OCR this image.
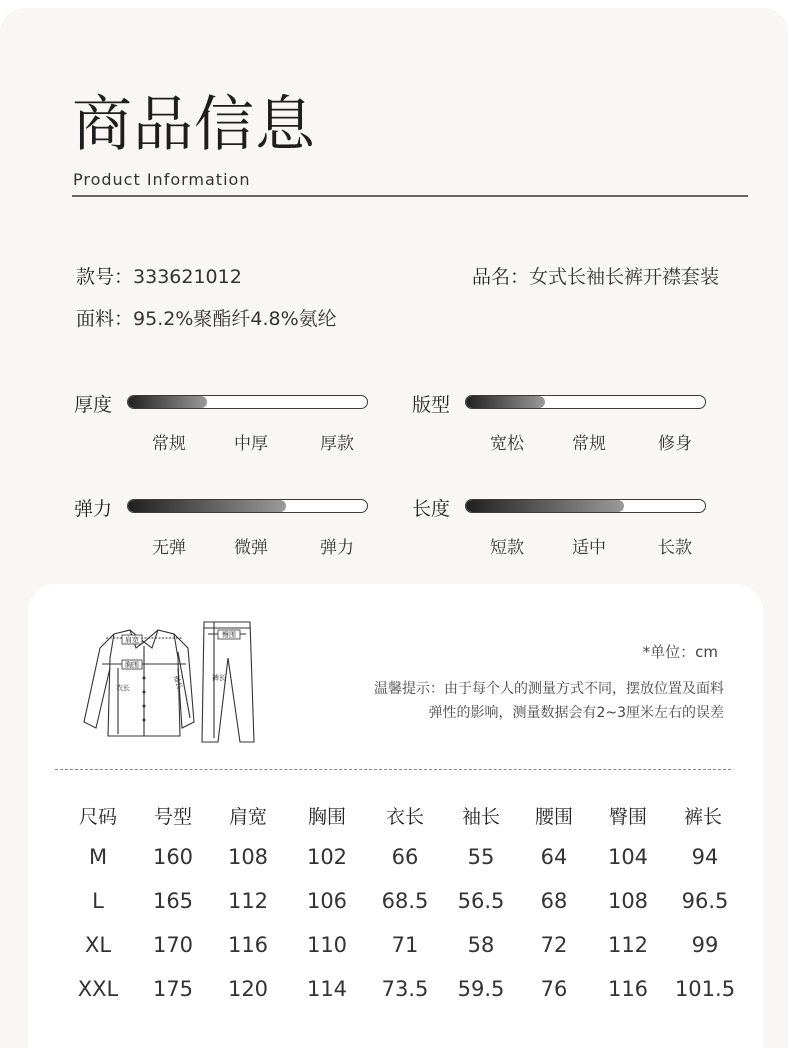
商品信息
Product Information
款号：333621012	品名：女式长袖长裤开襟套装
面料：95.2%聚酯纤4.8%氨纶
厚度
常规	中厚	厚款
版型
宽松	常规	修身
弹力
无弹	微弹	弹力
长度
短款	适中	长款
肩宽
胸围
衣长	袖长
臀围
裤长
*单位：cm
温馨提示：由于每个人的测量方式不同，摆放位置及面料
弹性的影响，测量数据会有2~3厘米左右的误差
尺码 号型 肩宽 胸围 衣长 袖长 腰围 臀围 裤长
M 160 108 102 66 55 64 104 94
L 165 112 106 68.5 56.5 68 108 96.5
XL 170 116 110 71 58 72 112 99
XXL 175 120 114 73.5 59.5 76 116 101.5
